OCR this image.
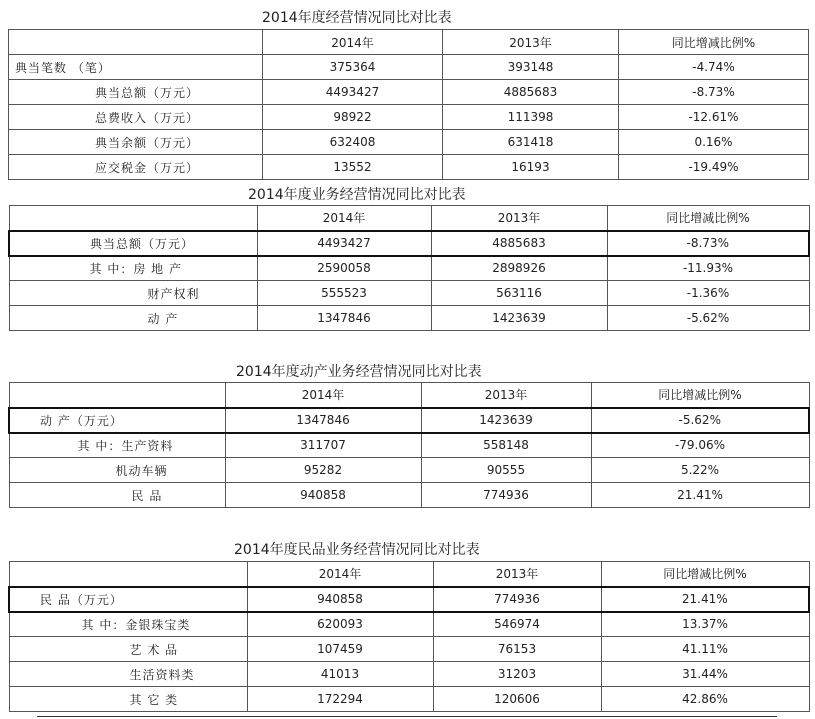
2014年度经营情况同比对比表
	2014年	2013年	同比增减比例%
典当笔数 （笔）	375364	393148	-4.74%
典当总额（万元）	4493427	4885683	-8.73%
总费收入（万元）	98922	111398	-12.61%
典当余额（万元）	632408	631418	0.16%
应交税金（万元）	13552	16193	-19.49%
2014年度业务经营情况同比对比表
	2014年	2013年	同比增减比例%
典当总额（万元）	4493427	4885683	-8.73%
其 中：房 地 产	2590058	2898926	-11.93%
财产权利	555523	563116	-1.36%
动 产	1347846	1423639	-5.62%
2014年度动产业务经营情况同比对比表
	2014年	2013年	同比增减比例%
动 产（万元）	1347846	1423639	-5.62%
其 中：生产资料	311707	558148	-79.06%
机动车辆	95282	90555	5.22%
民 品	940858	774936	21.41%
2014年度民品业务经营情况同比对比表
	2014年	2013年	同比增减比例%
民 品（万元）	940858	774936	21.41%
其 中：金银珠宝类	620093	546974	13.37%
艺 术 品	107459	76153	41.11%
生活资料类	41013	31203	31.44%
其 它 类	172294	120606	42.86%
